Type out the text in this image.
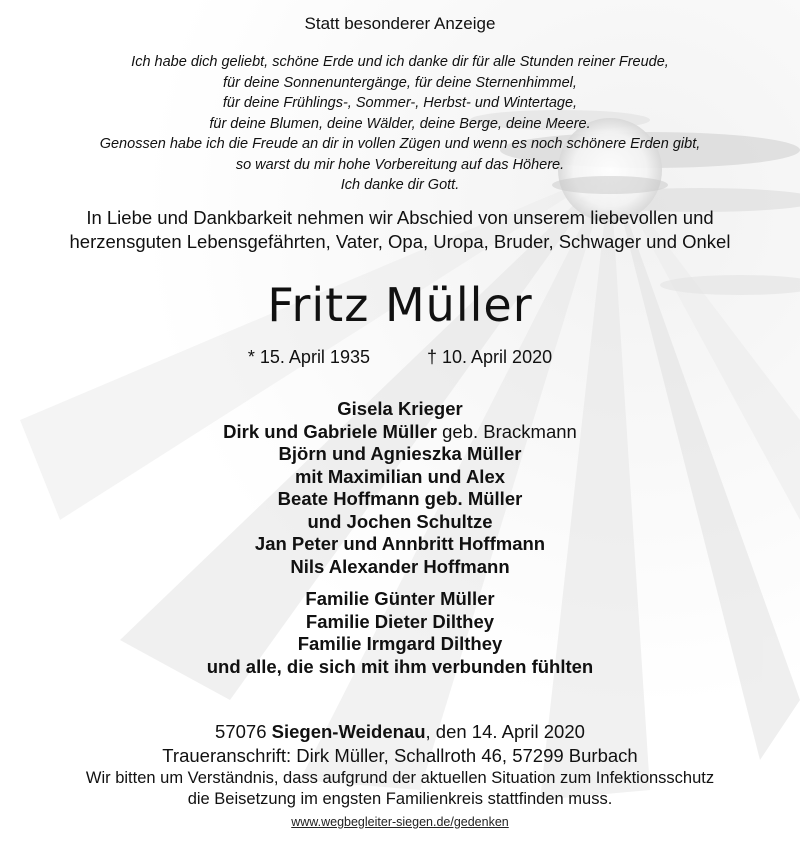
Statt besonderer Anzeige
Ich habe dich geliebt, schöne Erde und ich danke dir für alle Stunden reiner Freude,
für deine Sonnenuntergänge, für deine Sternenhimmel,
für deine Frühlings-, Sommer-, Herbst- und Wintertage,
für deine Blumen, deine Wälder, deine Berge, deine Meere.
Genossen habe ich die Freude an dir in vollen Zügen und wenn es noch schönere Erden gibt,
so warst du mir hohe Vorbereitung auf das Höhere.
Ich danke dir Gott.
In Liebe und Dankbarkeit nehmen wir Abschied von unserem liebevollen und
herzensguten Lebensgefährten, Vater, Opa, Uropa, Bruder, Schwager und Onkel
Fritz Müller
* 15. April 1935	† 10. April 2020
Gisela Krieger
Dirk und Gabriele Müller geb. Brackmann
Björn und Agnieszka Müller
mit Maximilian und Alex
Beate Hoffmann geb. Müller
und Jochen Schultze
Jan Peter und Annbritt Hoffmann
Nils Alexander Hoffmann
Familie Günter Müller
Familie Dieter Dilthey
Familie Irmgard Dilthey
und alle, die sich mit ihm verbunden fühlten
57076 Siegen-Weidenau, den 14. April 2020
Traueranschrift: Dirk Müller, Schallroth 46, 57299 Burbach
Wir bitten um Verständnis, dass aufgrund der aktuellen Situation zum Infektionsschutz
die Beisetzung im engsten Familienkreis stattfinden muss.
www.wegbegleiter-siegen.de/gedenken
